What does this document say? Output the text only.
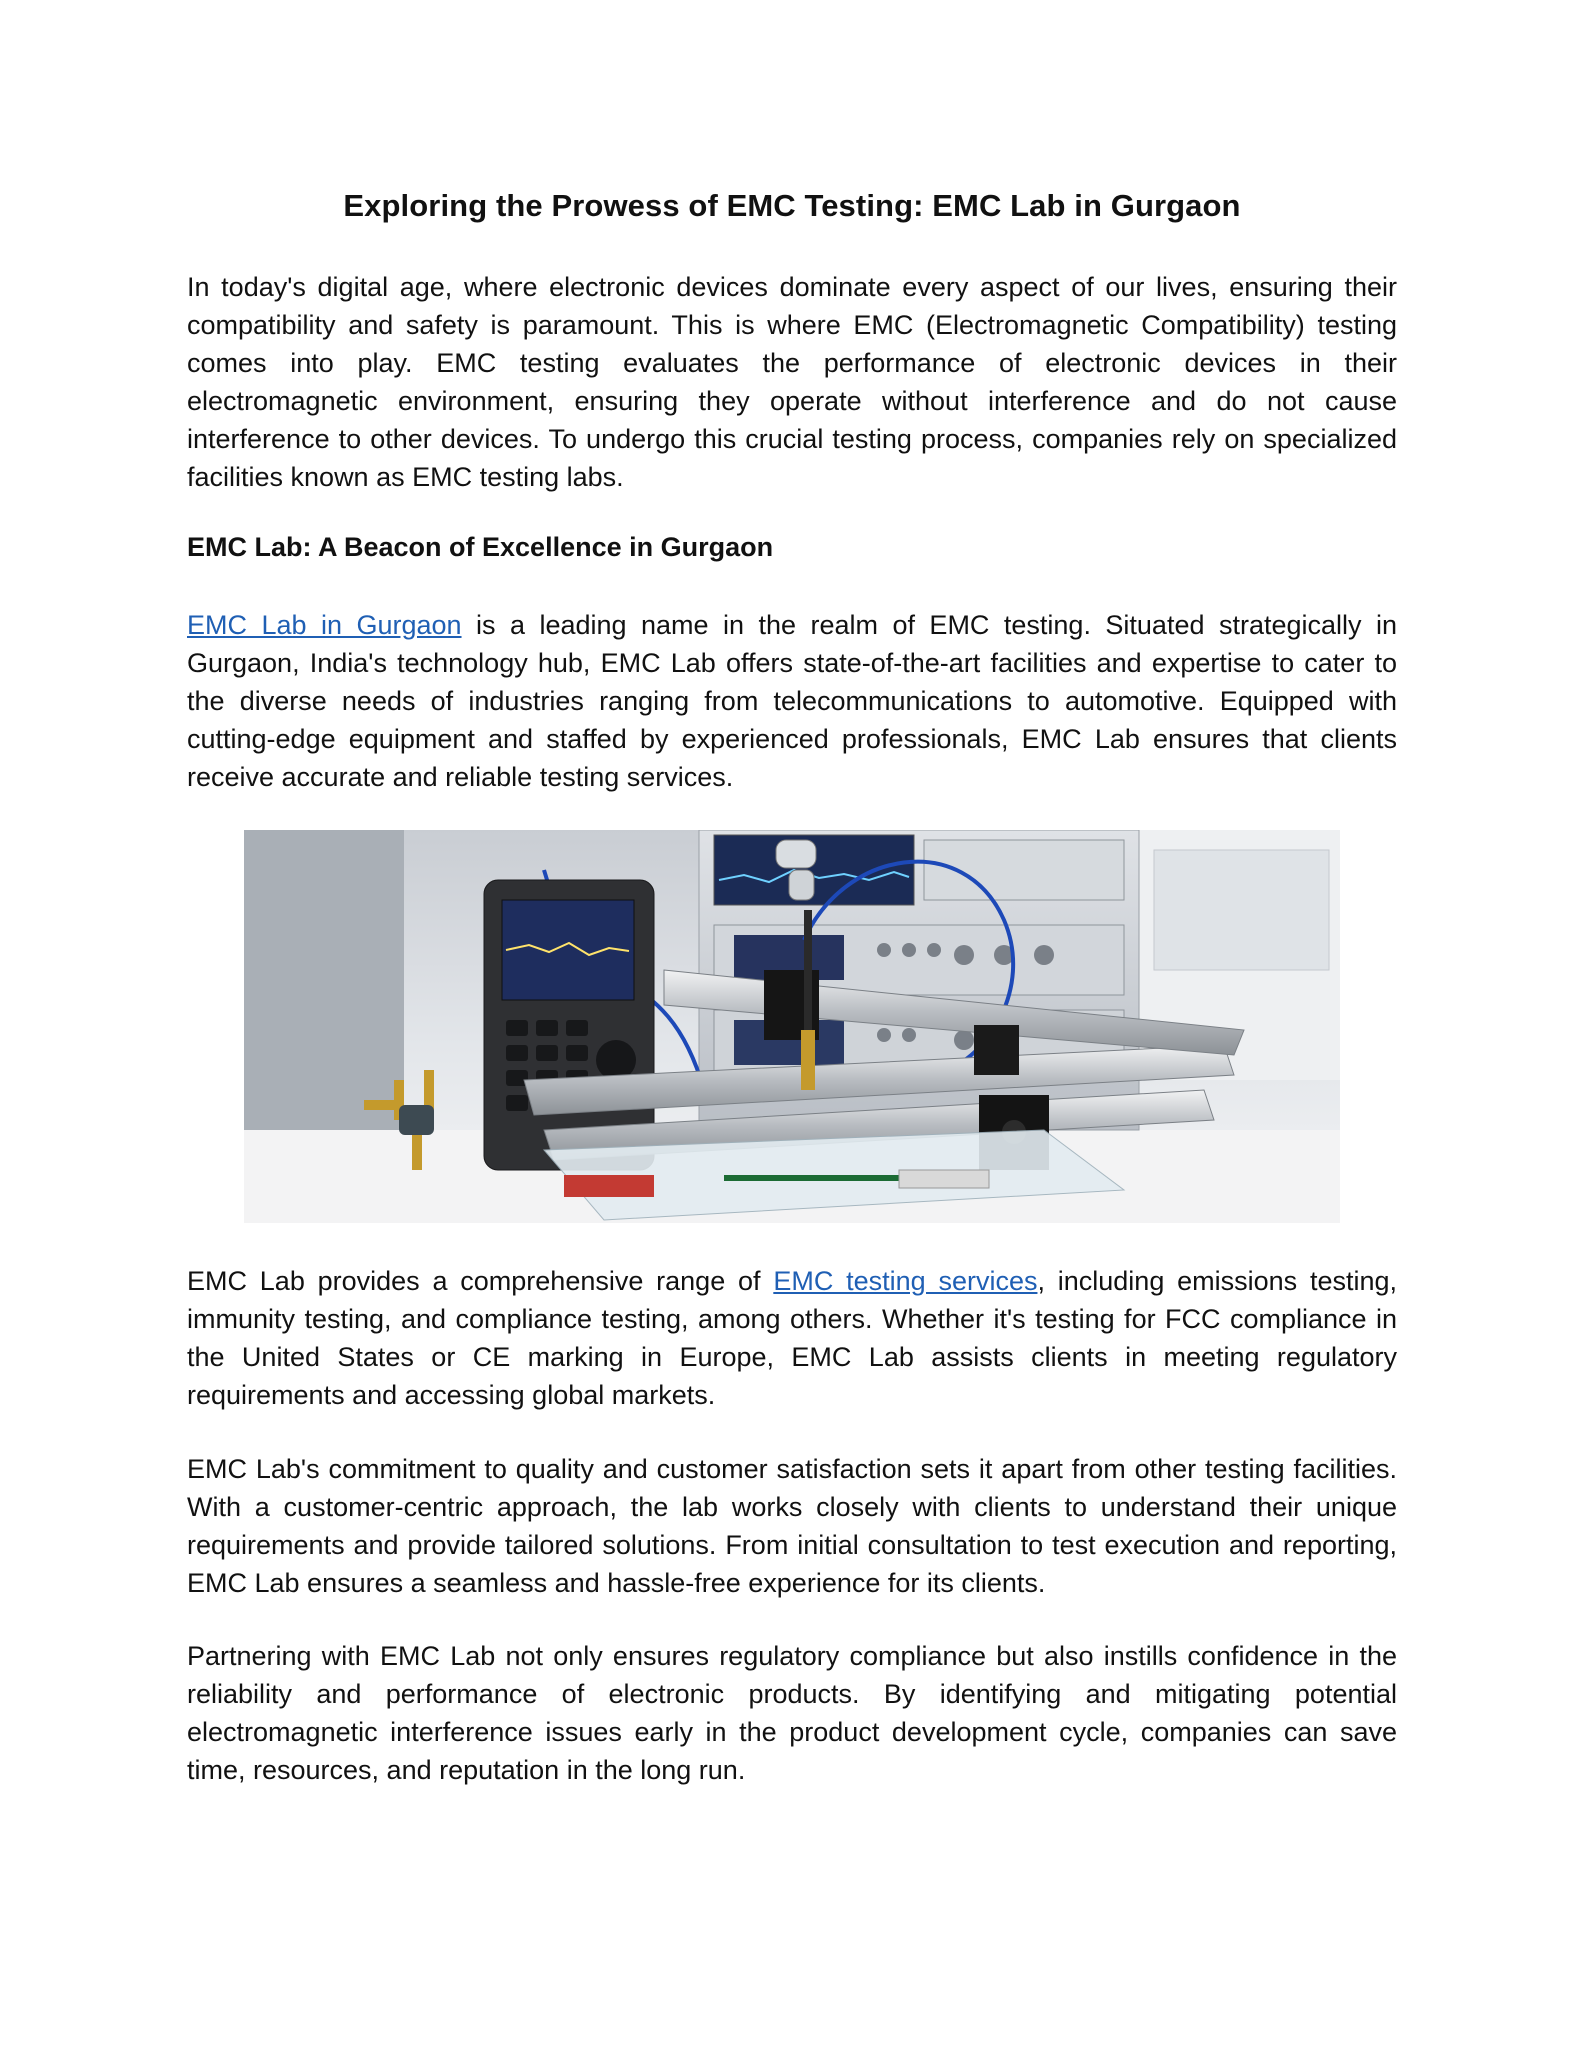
Exploring the Prowess of EMC Testing: EMC Lab in Gurgaon

In today's digital age, where electronic devices dominate every aspect of our lives, ensuring their compatibility and safety is paramount. This is where EMC (Electromagnetic Compatibility) testing comes into play. EMC testing evaluates the performance of electronic devices in their electromagnetic environment, ensuring they operate without interference and do not cause interference to other devices. To undergo this crucial testing process, companies rely on specialized facilities known as EMC testing labs.

EMC Lab: A Beacon of Excellence in Gurgaon

EMC Lab in Gurgaon is a leading name in the realm of EMC testing. Situated strategically in Gurgaon, India's technology hub, EMC Lab offers state-of-the-art facilities and expertise to cater to the diverse needs of industries ranging from telecommunications to automotive. Equipped with cutting-edge equipment and staffed by experienced professionals, EMC Lab ensures that clients receive accurate and reliable testing services.

EMC Lab provides a comprehensive range of EMC testing services, including emissions testing, immunity testing, and compliance testing, among others. Whether it's testing for FCC compliance in the United States or CE marking in Europe, EMC Lab assists clients in meeting regulatory requirements and accessing global markets.

EMC Lab's commitment to quality and customer satisfaction sets it apart from other testing facilities. With a customer-centric approach, the lab works closely with clients to understand their unique requirements and provide tailored solutions. From initial consultation to test execution and reporting, EMC Lab ensures a seamless and hassle-free experience for its clients.

Partnering with EMC Lab not only ensures regulatory compliance but also instills confidence in the reliability and performance of electronic products. By identifying and mitigating potential electromagnetic interference issues early in the product development cycle, companies can save time, resources, and reputation in the long run.
